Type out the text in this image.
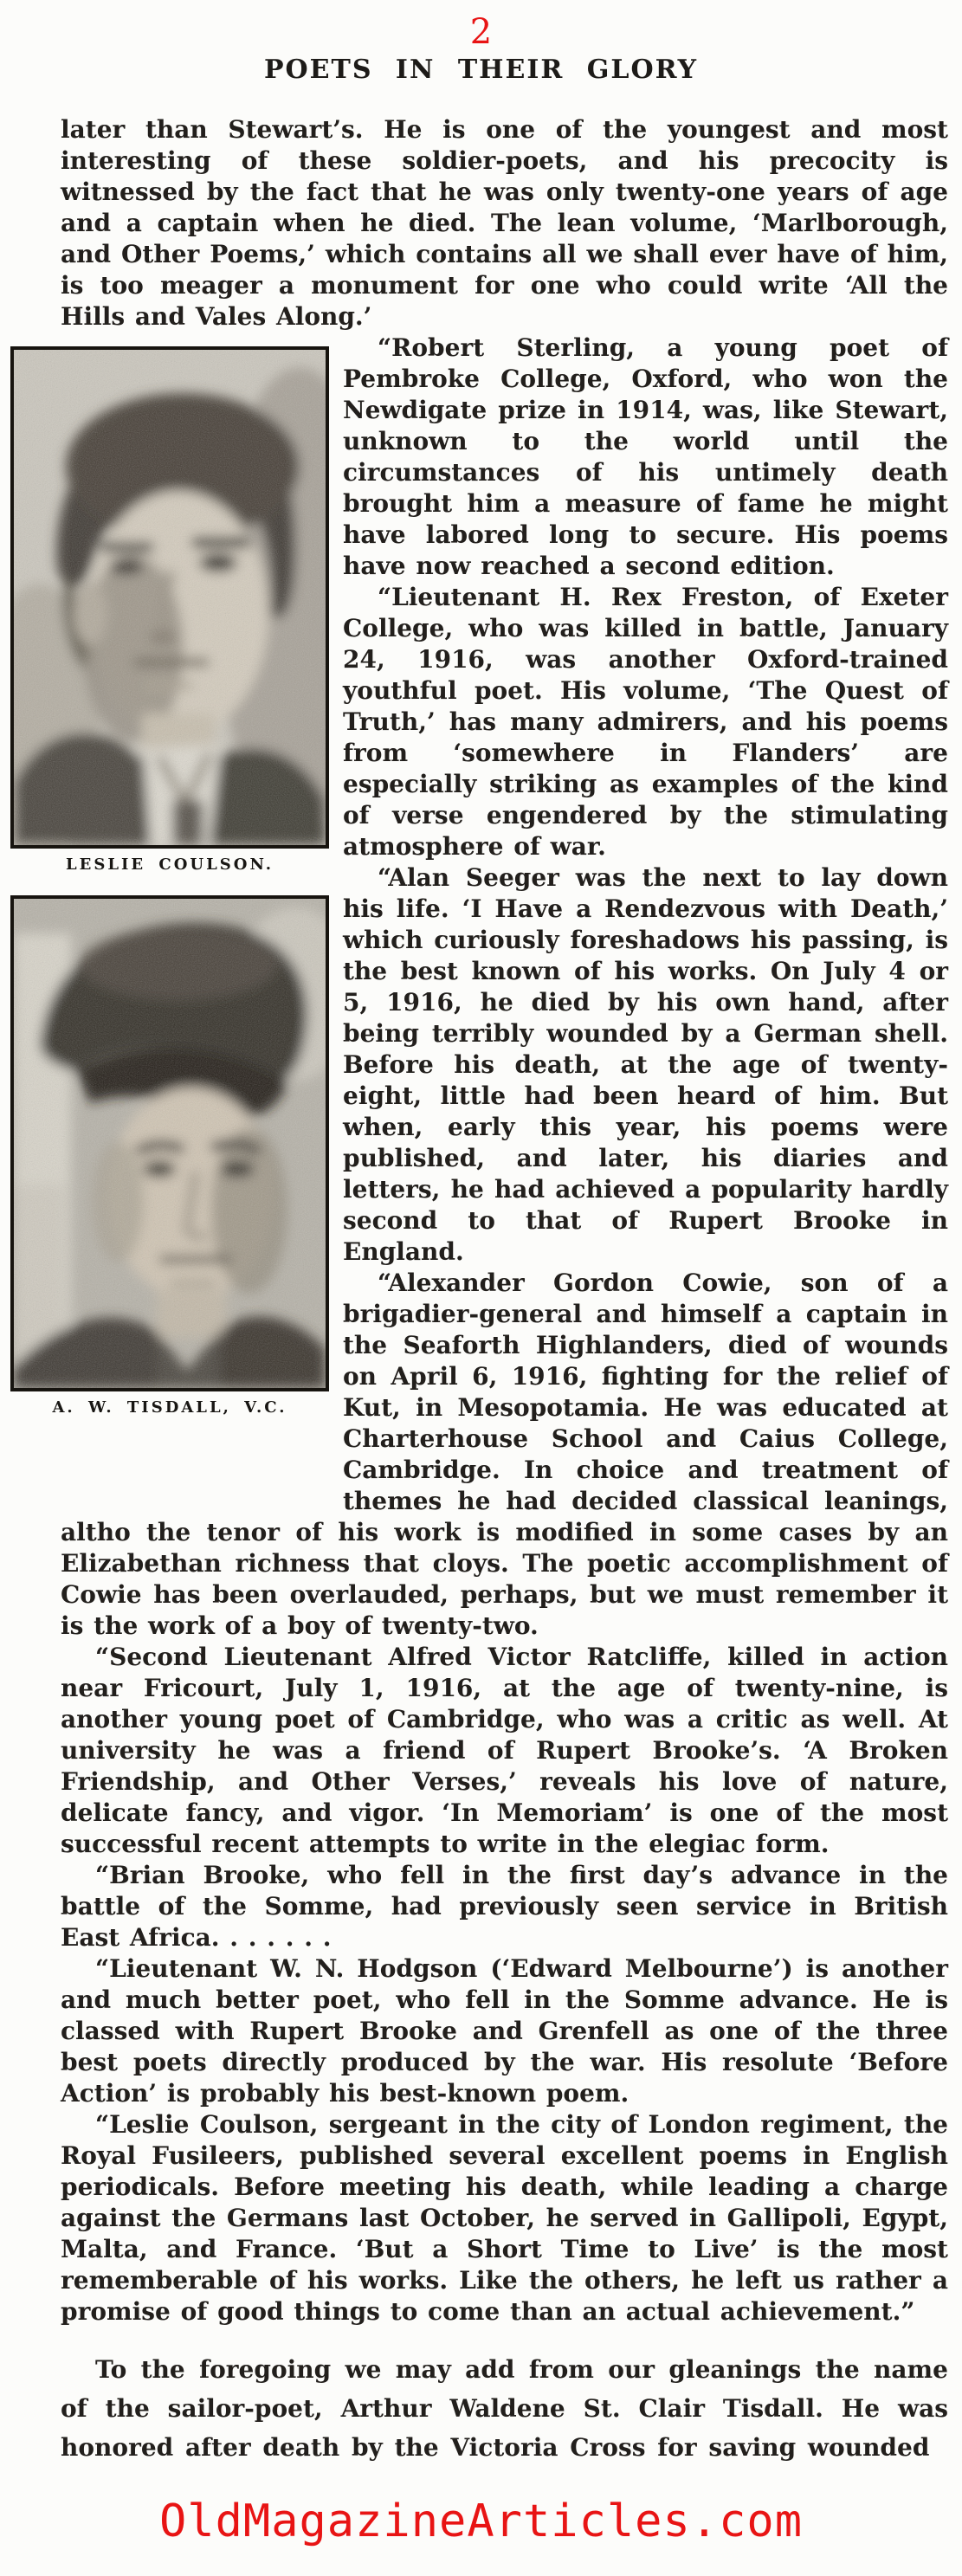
2
POETS IN THEIR GLORY

later than Stewart’s. He is one of the youngest and most interesting of these soldier-poets, and his precocity is witnessed by the fact that he was only twenty-one years of age and a captain when he died. The lean volume, ‘Marlborough, and Other Poems,’ which contains all we shall ever have of him, is too meager a monument for one who could write ‘All the Hills and Vales Along.’

LESLIE COULSON.
A. W. TISDALL, V.C.

“Robert Sterling, a young poet of Pembroke College, Oxford, who won the Newdigate prize in 1914, was, like Stewart, unknown to the world until the circumstances of his untimely death brought him a measure of fame he might have labored long to secure. His poems have now reached a second edition.

“Lieutenant H. Rex Freston, of Exeter College, who was killed in battle, January 24, 1916, was another Oxford-trained youthful poet. His volume, ‘The Quest of Truth,’ has many admirers, and his poems from ‘somewhere in Flanders’ are especially striking as examples of the kind of verse engendered by the stimulating atmosphere of war.

“Alan Seeger was the next to lay down his life. ‘I Have a Rendezvous with Death,’ which curiously foreshadows his passing, is the best known of his works. On July 4 or 5, 1916, he died by his own hand, after being terribly wounded by a German shell. Before his death, at the age of twenty-eight, little had been heard of him. But when, early this year, his poems were published, and later, his diaries and letters, he had achieved a popularity hardly second to that of Rupert Brooke in England.

“Alexander Gordon Cowie, son of a brigadier-general and himself a captain in the Seaforth Highlanders, died of wounds on April 6, 1916, fighting for the relief of Kut, in Mesopotamia. He was educated at Charterhouse School and Caius College, Cambridge. In choice and treatment of themes he had decided classical leanings, altho the tenor of his work is modified in some cases by an Elizabethan richness that cloys. The poetic accomplishment of Cowie has been overlauded, perhaps, but we must remember it is the work of a boy of twenty-two.

“Second Lieutenant Alfred Victor Ratcliffe, killed in action near Fricourt, July 1, 1916, at the age of twenty-nine, is another young poet of Cambridge, who was a critic as well. At university he was a friend of Rupert Brooke’s. ‘A Broken Friendship, and Other Verses,’ reveals his love of nature, delicate fancy, and vigor. ‘In Memoriam’ is one of the most successful recent attempts to write in the elegiac form.

“Brian Brooke, who fell in the first day’s advance in the battle of the Somme, had previously seen service in British East Africa. . . . . . .

“Lieutenant W. N. Hodgson (‘Edward Melbourne’) is another and much better poet, who fell in the Somme advance. He is classed with Rupert Brooke and Grenfell as one of the three best poets directly produced by the war. His resolute ‘Before Action’ is probably his best-known poem.

“Leslie Coulson, sergeant in the city of London regiment, the Royal Fusileers, published several excellent poems in English periodicals. Before meeting his death, while leading a charge against the Germans last October, he served in Gallipoli, Egypt, Malta, and France. ‘But a Short Time to Live’ is the most rememberable of his works. Like the others, he left us rather a promise of good things to come than an actual achievement.”

To the foregoing we may add from our gleanings the name of the sailor-poet, Arthur Waldene St. Clair Tisdall. He was honored after death by the Victoria Cross for saving wounded

OldMagazineArticles.com
